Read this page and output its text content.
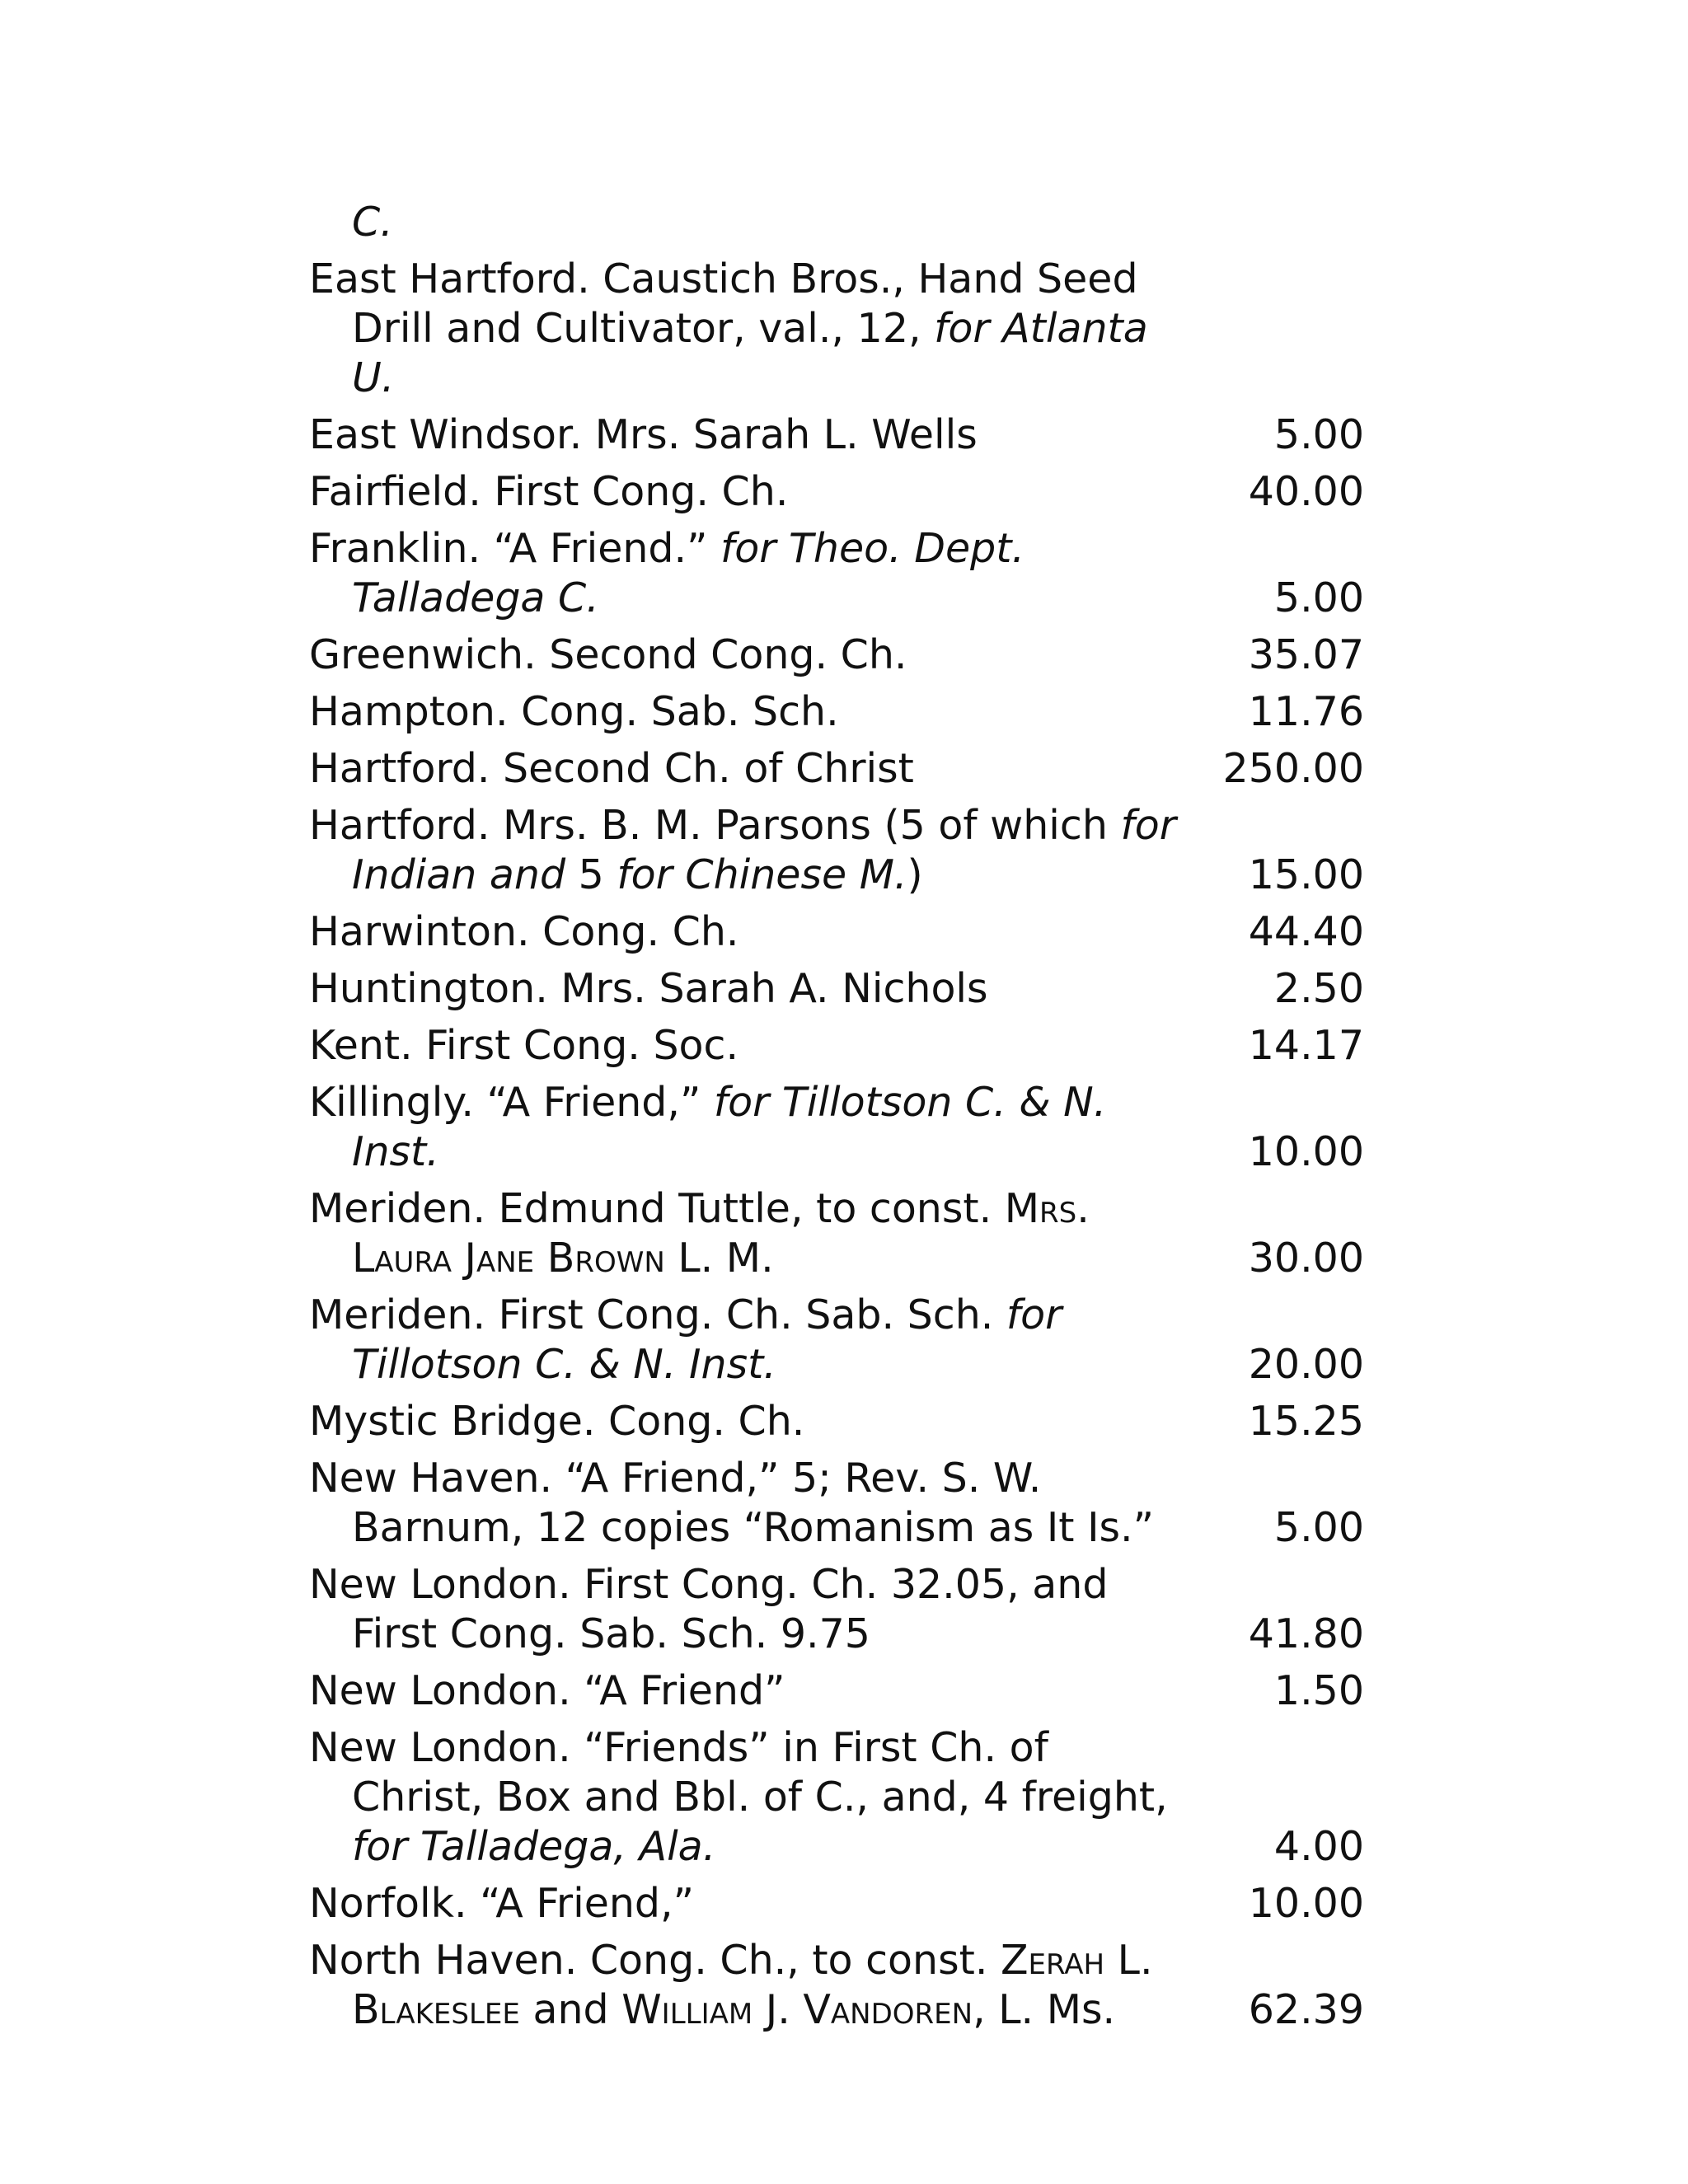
C.
East Hartford. Caustich Bros., Hand Seed Drill and Cultivator, val., 12, for Atlanta U.
East Windsor. Mrs. Sarah L. Wells	5.00
Fairfield. First Cong. Ch.	40.00
Franklin. “A Friend.” for Theo. Dept. Talladega C.	5.00
Greenwich. Second Cong. Ch.	35.07
Hampton. Cong. Sab. Sch.	11.76
Hartford. Second Ch. of Christ	250.00
Hartford. Mrs. B. M. Parsons (5 of which for Indian and 5 for Chinese M.)	15.00
Harwinton. Cong. Ch.	44.40
Huntington. Mrs. Sarah A. Nichols	2.50
Kent. First Cong. Soc.	14.17
Killingly. “A Friend,” for Tillotson C. & N. Inst.	10.00
Meriden. Edmund Tuttle, to const. Mrs. Laura Jane Brown L. M.	30.00
Meriden. First Cong. Ch. Sab. Sch. for Tillotson C. & N. Inst.	20.00
Mystic Bridge. Cong. Ch.	15.25
New Haven. “A Friend,” 5; Rev. S. W. Barnum, 12 copies “Romanism as It Is.”	5.00
New London. First Cong. Ch. 32.05, and First Cong. Sab. Sch. 9.75	41.80
New London. “A Friend”	1.50
New London. “Friends” in First Ch. of Christ, Box and Bbl. of C., and, 4 freight, for Talladega, Ala.	4.00
Norfolk. “A Friend,”	10.00
North Haven. Cong. Ch., to const. Zerah L. Blakeslee and William J. Vandoren, L. Ms.	62.39
